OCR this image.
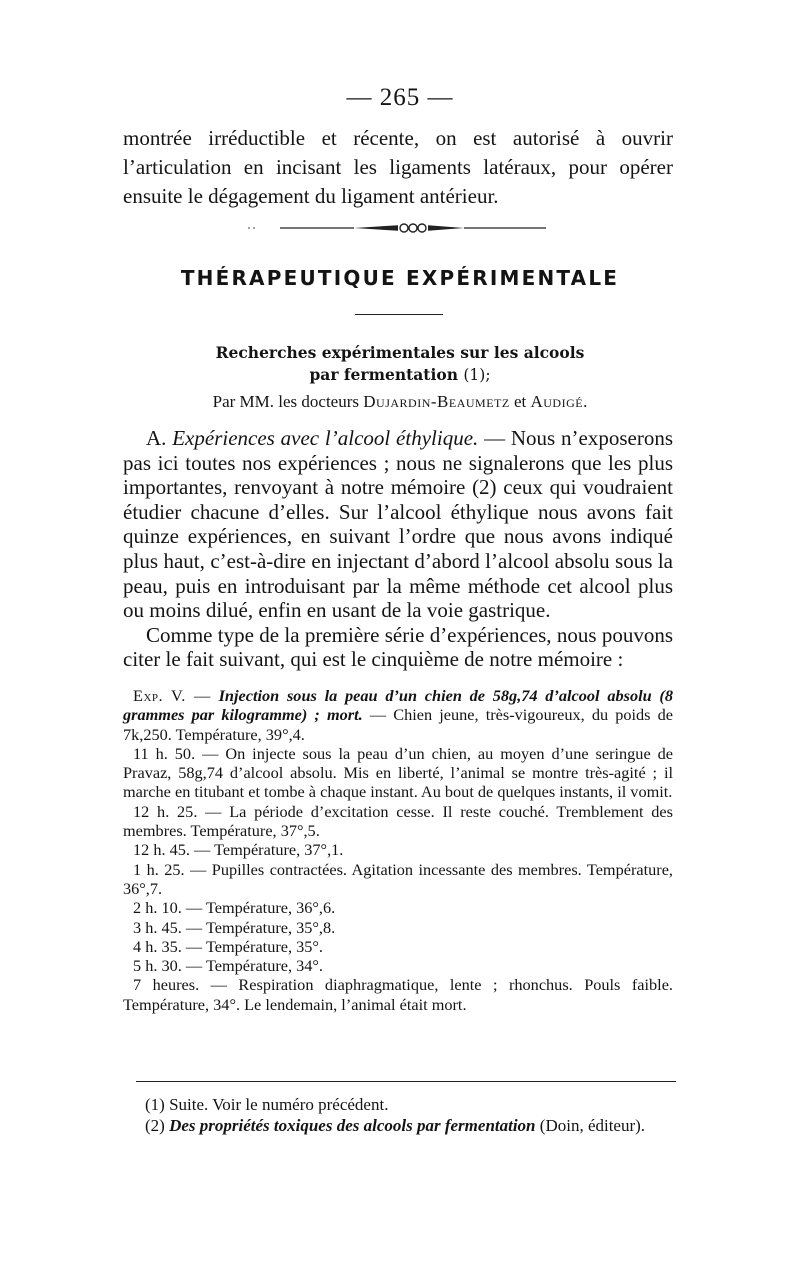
— 265 —

montrée irréductible et récente, on est autorisé à ouvrir l’articulation en incisant les ligaments latéraux, pour opérer ensuite le dégagement du ligament antérieur.

THÉRAPEUTIQUE EXPÉRIMENTALE
Recherches expérimentales sur les alcools
par fermentation (1);
Par MM. les docteurs Dujardin-Beaumetz et Audigé.

A. Expériences avec l’alcool éthylique. — Nous n’exposerons pas ici toutes nos expériences ; nous ne signalerons que les plus importantes, renvoyant à notre mémoire (2) ceux qui voudraient étudier chacune d’elles. Sur l’alcool éthylique nous avons fait quinze expériences, en suivant l’ordre que nous avons indiqué plus haut, c’est-à-dire en injectant d’abord l’alcool absolu sous la peau, puis en introduisant par la même méthode cet alcool plus ou moins dilué, enfin en usant de la voie gastrique.

Comme type de la première série d’expériences, nous pouvons citer le fait suivant, qui est le cinquième de notre mémoire :

Exp. V. — Injection sous la peau d’un chien de 58g,74 d’alcool absolu (8 grammes par kilogramme) ; mort. — Chien jeune, très-vigoureux, du poids de 7k,250. Température, 39°,4.

11 h. 50. — On injecte sous la peau d’un chien, au moyen d’une seringue de Pravaz, 58g,74 d’alcool absolu. Mis en liberté, l’animal se montre très-agité ; il marche en titubant et tombe à chaque instant. Au bout de quelques instants, il vomit.

12 h. 25. — La période d’excitation cesse. Il reste couché. Tremblement des membres. Température, 37°,5.

12 h. 45. — Température, 37°,1.

1 h. 25. — Pupilles contractées. Agitation incessante des membres. Température, 36°,7.

2 h. 10. — Température, 36°,6.

3 h. 45. — Température, 35°,8.

4 h. 35. — Température, 35°.

5 h. 30. — Température, 34°.

7 heures. — Respiration diaphragmatique, lente ; rhonchus. Pouls faible. Température, 34°. Le lendemain, l’animal était mort.

(1) Suite. Voir le numéro précédent.

(2) Des propriétés toxiques des alcools par fermentation (Doin, éditeur).
